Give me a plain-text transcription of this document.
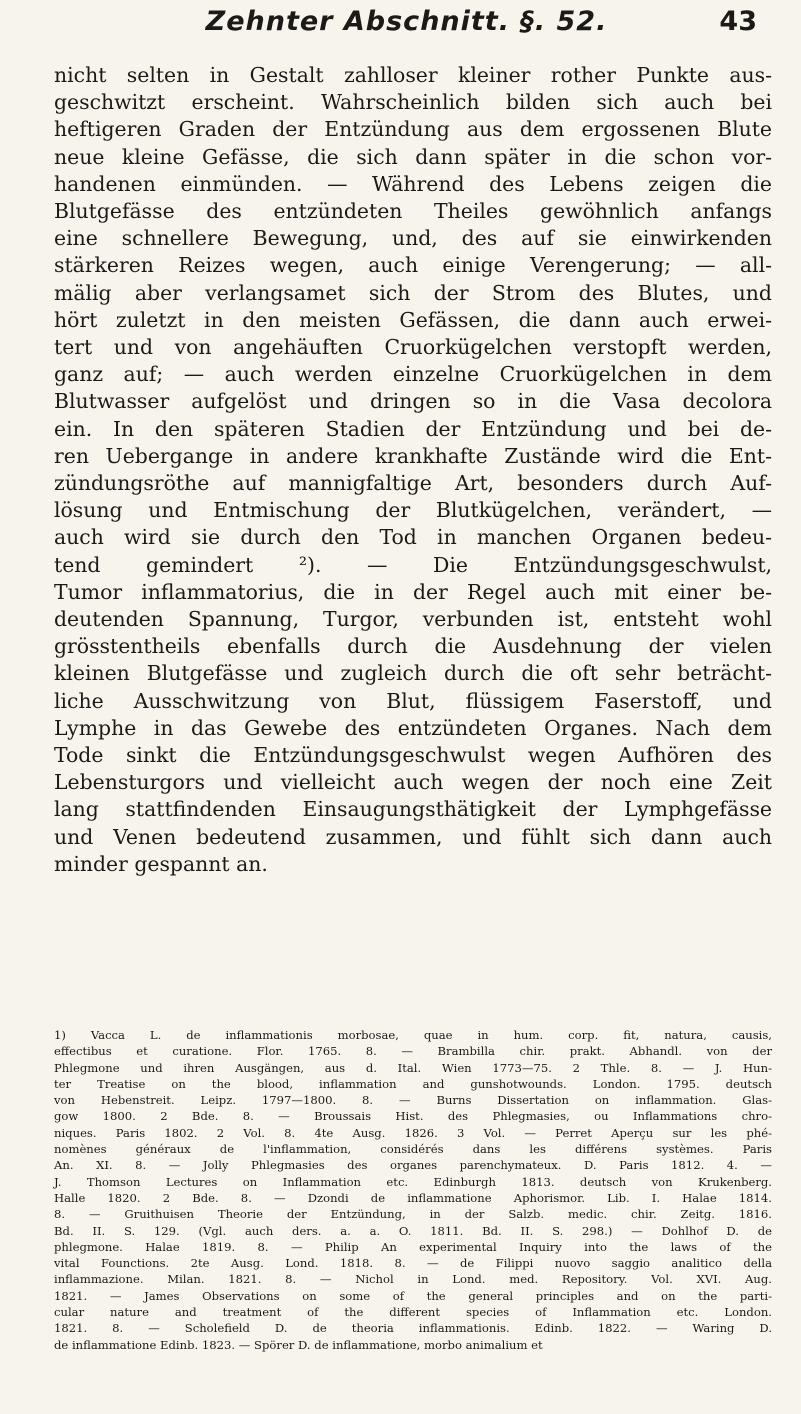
Zehnter Abschnitt. §. 52.	43
nicht selten in Gestalt zahlloser kleiner rother Punkte aus-
geschwitzt erscheint. Wahrscheinlich bilden sich auch bei
heftigeren Graden der Entzündung aus dem ergossenen Blute
neue kleine Gefässe, die sich dann später in die schon vor-
handenen einmünden. — Während des Lebens zeigen die
Blutgefässe des entzündeten Theiles gewöhnlich anfangs
eine schnellere Bewegung, und, des auf sie einwirkenden
stärkeren Reizes wegen, auch einige Verengerung; — all-
mälig aber verlangsamet sich der Strom des Blutes, und
hört zuletzt in den meisten Gefässen, die dann auch erwei-
tert und von angehäuften Cruorkügelchen verstopft werden,
ganz auf; — auch werden einzelne Cruorkügelchen in dem
Blutwasser aufgelöst und dringen so in die Vasa decolora
ein. In den späteren Stadien der Entzündung und bei de-
ren Uebergange in andere krankhafte Zustände wird die Ent-
zündungsröthe auf mannigfaltige Art, besonders durch Auf-
lösung und Entmischung der Blutkügelchen, verändert, —
auch wird sie durch den Tod in manchen Organen bedeu-
tend gemindert ²). — Die Entzündungsgeschwulst,
Tumor inflammatorius, die in der Regel auch mit einer be-
deutenden Spannung, Turgor, verbunden ist, entsteht wohl
grösstentheils ebenfalls durch die Ausdehnung der vielen
kleinen Blutgefässe und zugleich durch die oft sehr beträcht-
liche Ausschwitzung von Blut, flüssigem Faserstoff, und
Lymphe in das Gewebe des entzündeten Organes. Nach dem
Tode sinkt die Entzündungsgeschwulst wegen Aufhören des
Lebensturgors und vielleicht auch wegen der noch eine Zeit
lang stattfindenden Einsaugungsthätigkeit der Lymphgefässe
und Venen bedeutend zusammen, und fühlt sich dann auch
minder gespannt an.
1) Vacca L. de inflammationis morbosae, quae in hum. corp. fit, natura, causis,
effectibus et curatione. Flor. 1765. 8. — Brambilla chir. prakt. Abhandl. von der
Phlegmone und ihren Ausgängen, aus d. Ital. Wien 1773—75. 2 Thle. 8. — J. Hun-
ter Treatise on the blood, inflammation and gunshotwounds. London. 1795. deutsch
von Hebenstreit. Leipz. 1797—1800. 8. — Burns Dissertation on inflammation. Glas-
gow 1800. 2 Bde. 8. — Broussais Hist. des Phlegmasies, ou Inflammations chro-
niques. Paris 1802. 2 Vol. 8. 4te Ausg. 1826. 3 Vol. — Perret Aperçu sur les phé-
nomènes généraux de l'inflammation, considérés dans les différens systèmes. Paris
An. XI. 8. — Jolly Phlegmasies des organes parenchymateux. D. Paris 1812. 4. —
J. Thomson Lectures on Inflammation etc. Edinburgh 1813. deutsch von Krukenberg.
Halle 1820. 2 Bde. 8. — Dzondi de inflammatione Aphorismor. Lib. I. Halae 1814.
8. — Gruithuisen Theorie der Entzündung, in der Salzb. medic. chir. Zeitg. 1816.
Bd. II. S. 129. (Vgl. auch ders. a. a. O. 1811. Bd. II. S. 298.) — Dohlhof D. de
phlegmone. Halae 1819. 8. — Philip An experimental Inquiry into the laws of the
vital Founctions. 2te Ausg. Lond. 1818. 8. — de Filippi nuovo saggio analitico della
inflammazione. Milan. 1821. 8. — Nichol in Lond. med. Repository. Vol. XVI. Aug.
1821. — James Observations on some of the general principles and on the parti-
cular nature and treatment of the different species of Inflammation etc. London.
1821. 8. — Scholefield D. de theoria inflammationis. Edinb. 1822. — Waring D.
de inflammatione Edinb. 1823. — Spörer D. de inflammatione, morbo animalium et
